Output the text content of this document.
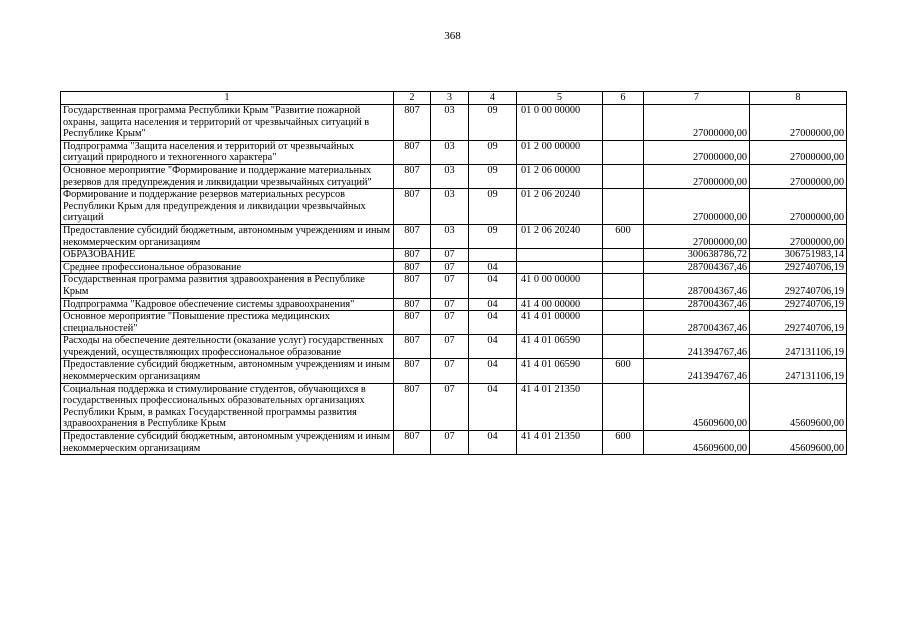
368
1	2	3	4	5	6	7	8
Государственная программа Республики Крым "Развитие пожарной охраны, защита населения и территорий от чрезвычайных ситуаций в Республике Крым"	807	03	09	01 0 00 00000		27000000,00	27000000,00
Подпрограмма "Защита населения и территорий от чрезвычайных ситуаций природного и техногенного характера"	807	03	09	01 2 00 00000		27000000,00	27000000,00
Основное мероприятие "Формирование и поддержание материальных резервов для предупреждения и ликвидации чрезвычайных ситуаций"	807	03	09	01 2 06 00000		27000000,00	27000000,00
Формирование и поддержание резервов материальных ресурсов Республики Крым для предупреждения и ликвидации чрезвычайных ситуаций	807	03	09	01 2 06 20240		27000000,00	27000000,00
Предоставление субсидий бюджетным, автономным учреждениям и иным некоммерческим организациям	807	03	09	01 2 06 20240	600	27000000,00	27000000,00
ОБРАЗОВАНИЕ	807	07				300638786,72	306751983,14
Среднее профессиональное образование	807	07	04			287004367,46	292740706,19
Государственная программа развития здравоохранения в Республике Крым	807	07	04	41 0 00 00000		287004367,46	292740706,19
Подпрограмма "Кадровое обеспечение системы здравоохранения"	807	07	04	41 4 00 00000		287004367,46	292740706,19
Основное мероприятие "Повышение престижа медицинских специальностей"	807	07	04	41 4 01 00000		287004367,46	292740706,19
Расходы на обеспечение деятельности (оказание услуг) государственных учреждений, осуществляющих профессиональное образование	807	07	04	41 4 01 06590		241394767,46	247131106,19
Предоставление субсидий бюджетным, автономным учреждениям и иным некоммерческим организациям	807	07	04	41 4 01 06590	600	241394767,46	247131106,19
Социальная поддержка и стимулирование студентов, обучающихся в государственных профессиональных образовательных организациях Республики Крым, в рамках Государственной программы развития здравоохранения в Республике Крым	807	07	04	41 4 01 21350		45609600,00	45609600,00
Предоставление субсидий бюджетным, автономным учреждениям и иным некоммерческим организациям	807	07	04	41 4 01 21350	600	45609600,00	45609600,00
